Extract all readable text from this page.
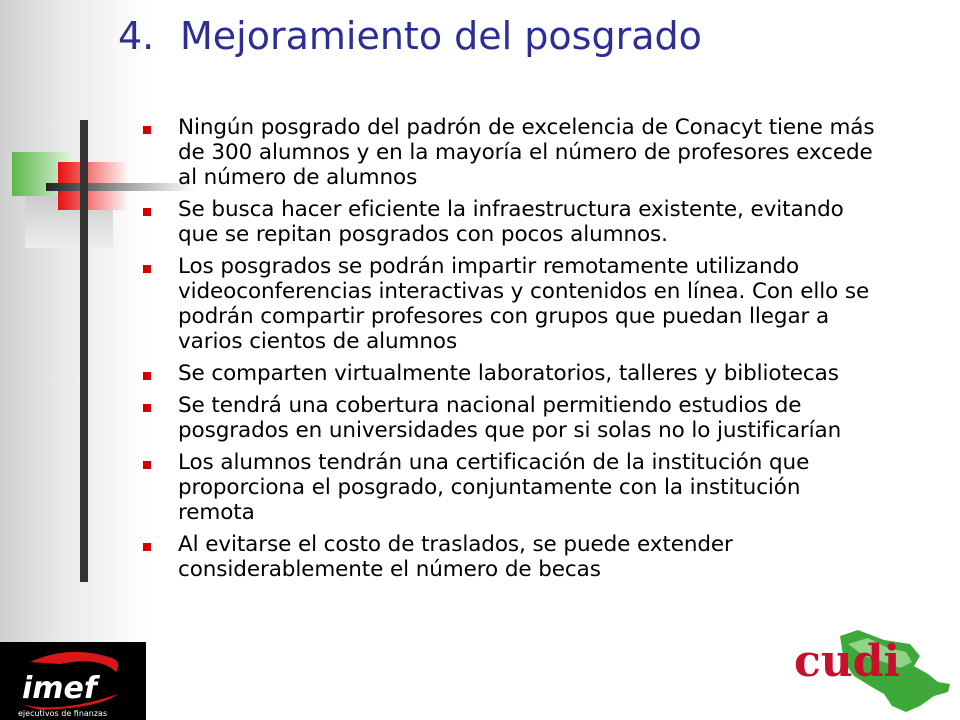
4. Mejoramiento del posgrado
Ningún posgrado del padrón de excelencia de Conacyt tiene más de 300 alumnos y en la mayoría el número de profesores excede al número de alumnos
Se busca hacer eficiente la infraestructura existente, evitando que se repitan posgrados con pocos alumnos.
Los posgrados se podrán impartir remotamente utilizando videoconferencias interactivas y contenidos en línea. Con ello se podrán compartir profesores con grupos que puedan llegar a varios cientos de alumnos
Se comparten virtualmente laboratorios, talleres y bibliotecas
Se tendrá una cobertura nacional permitiendo estudios de posgrados en universidades que por si solas no lo justificarían
Los alumnos tendrán una certificación de la institución que proporciona el posgrado, conjuntamente con la institución remota
Al evitarse el costo de traslados, se puede extender considerablemente el número de becas
imef
ejecutivos de finanzas
cudi
